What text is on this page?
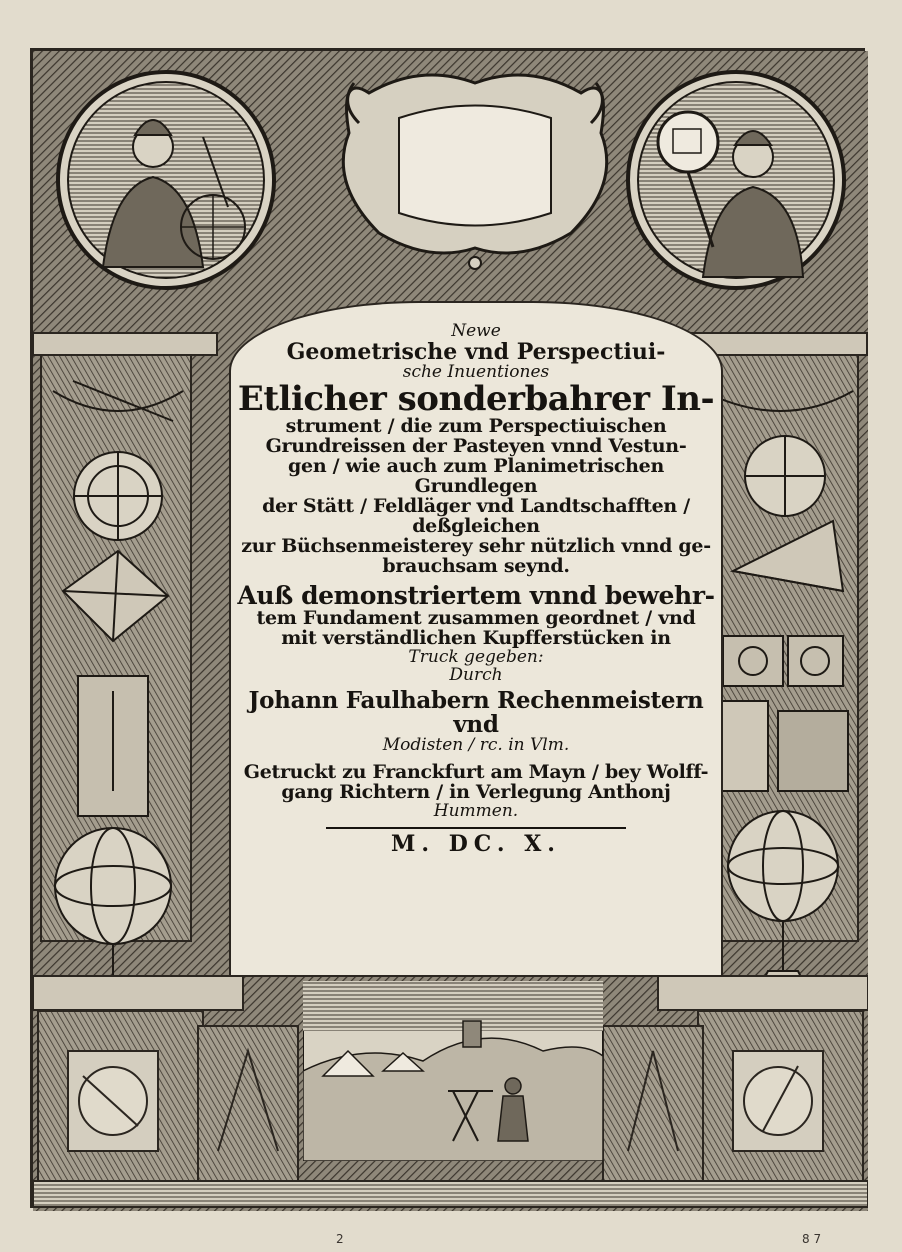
Newe

Geometrische vnd Perspectiui-

sche Inuentiones

Etlicher sonderbahrer In-

strument / die zum Perspectiuischen

Grundreissen der Pasteyen vnnd Vestun-

gen / wie auch zum Planimetrischen Grundlegen

der Stätt / Feldläger vnd Landtschafften / deßgleichen

zur Büchsenmeisterey sehr nützlich vnnd ge-

brauchsam seynd.

Auß demonstriertem vnnd bewehr-

tem Fundament zusammen geordnet / vnd

mit verständlichen Kupfferstücken in

Truck gegeben:

Durch

Johann Faulhabern Rechenmeistern vnd

Modisten / rc. in Vlm.

Getruckt zu Franckfurt am Mayn / bey Wolff-

gang Richtern / in Verlegung Anthonj

Hummen.

M. DC. X.

2	8 7
